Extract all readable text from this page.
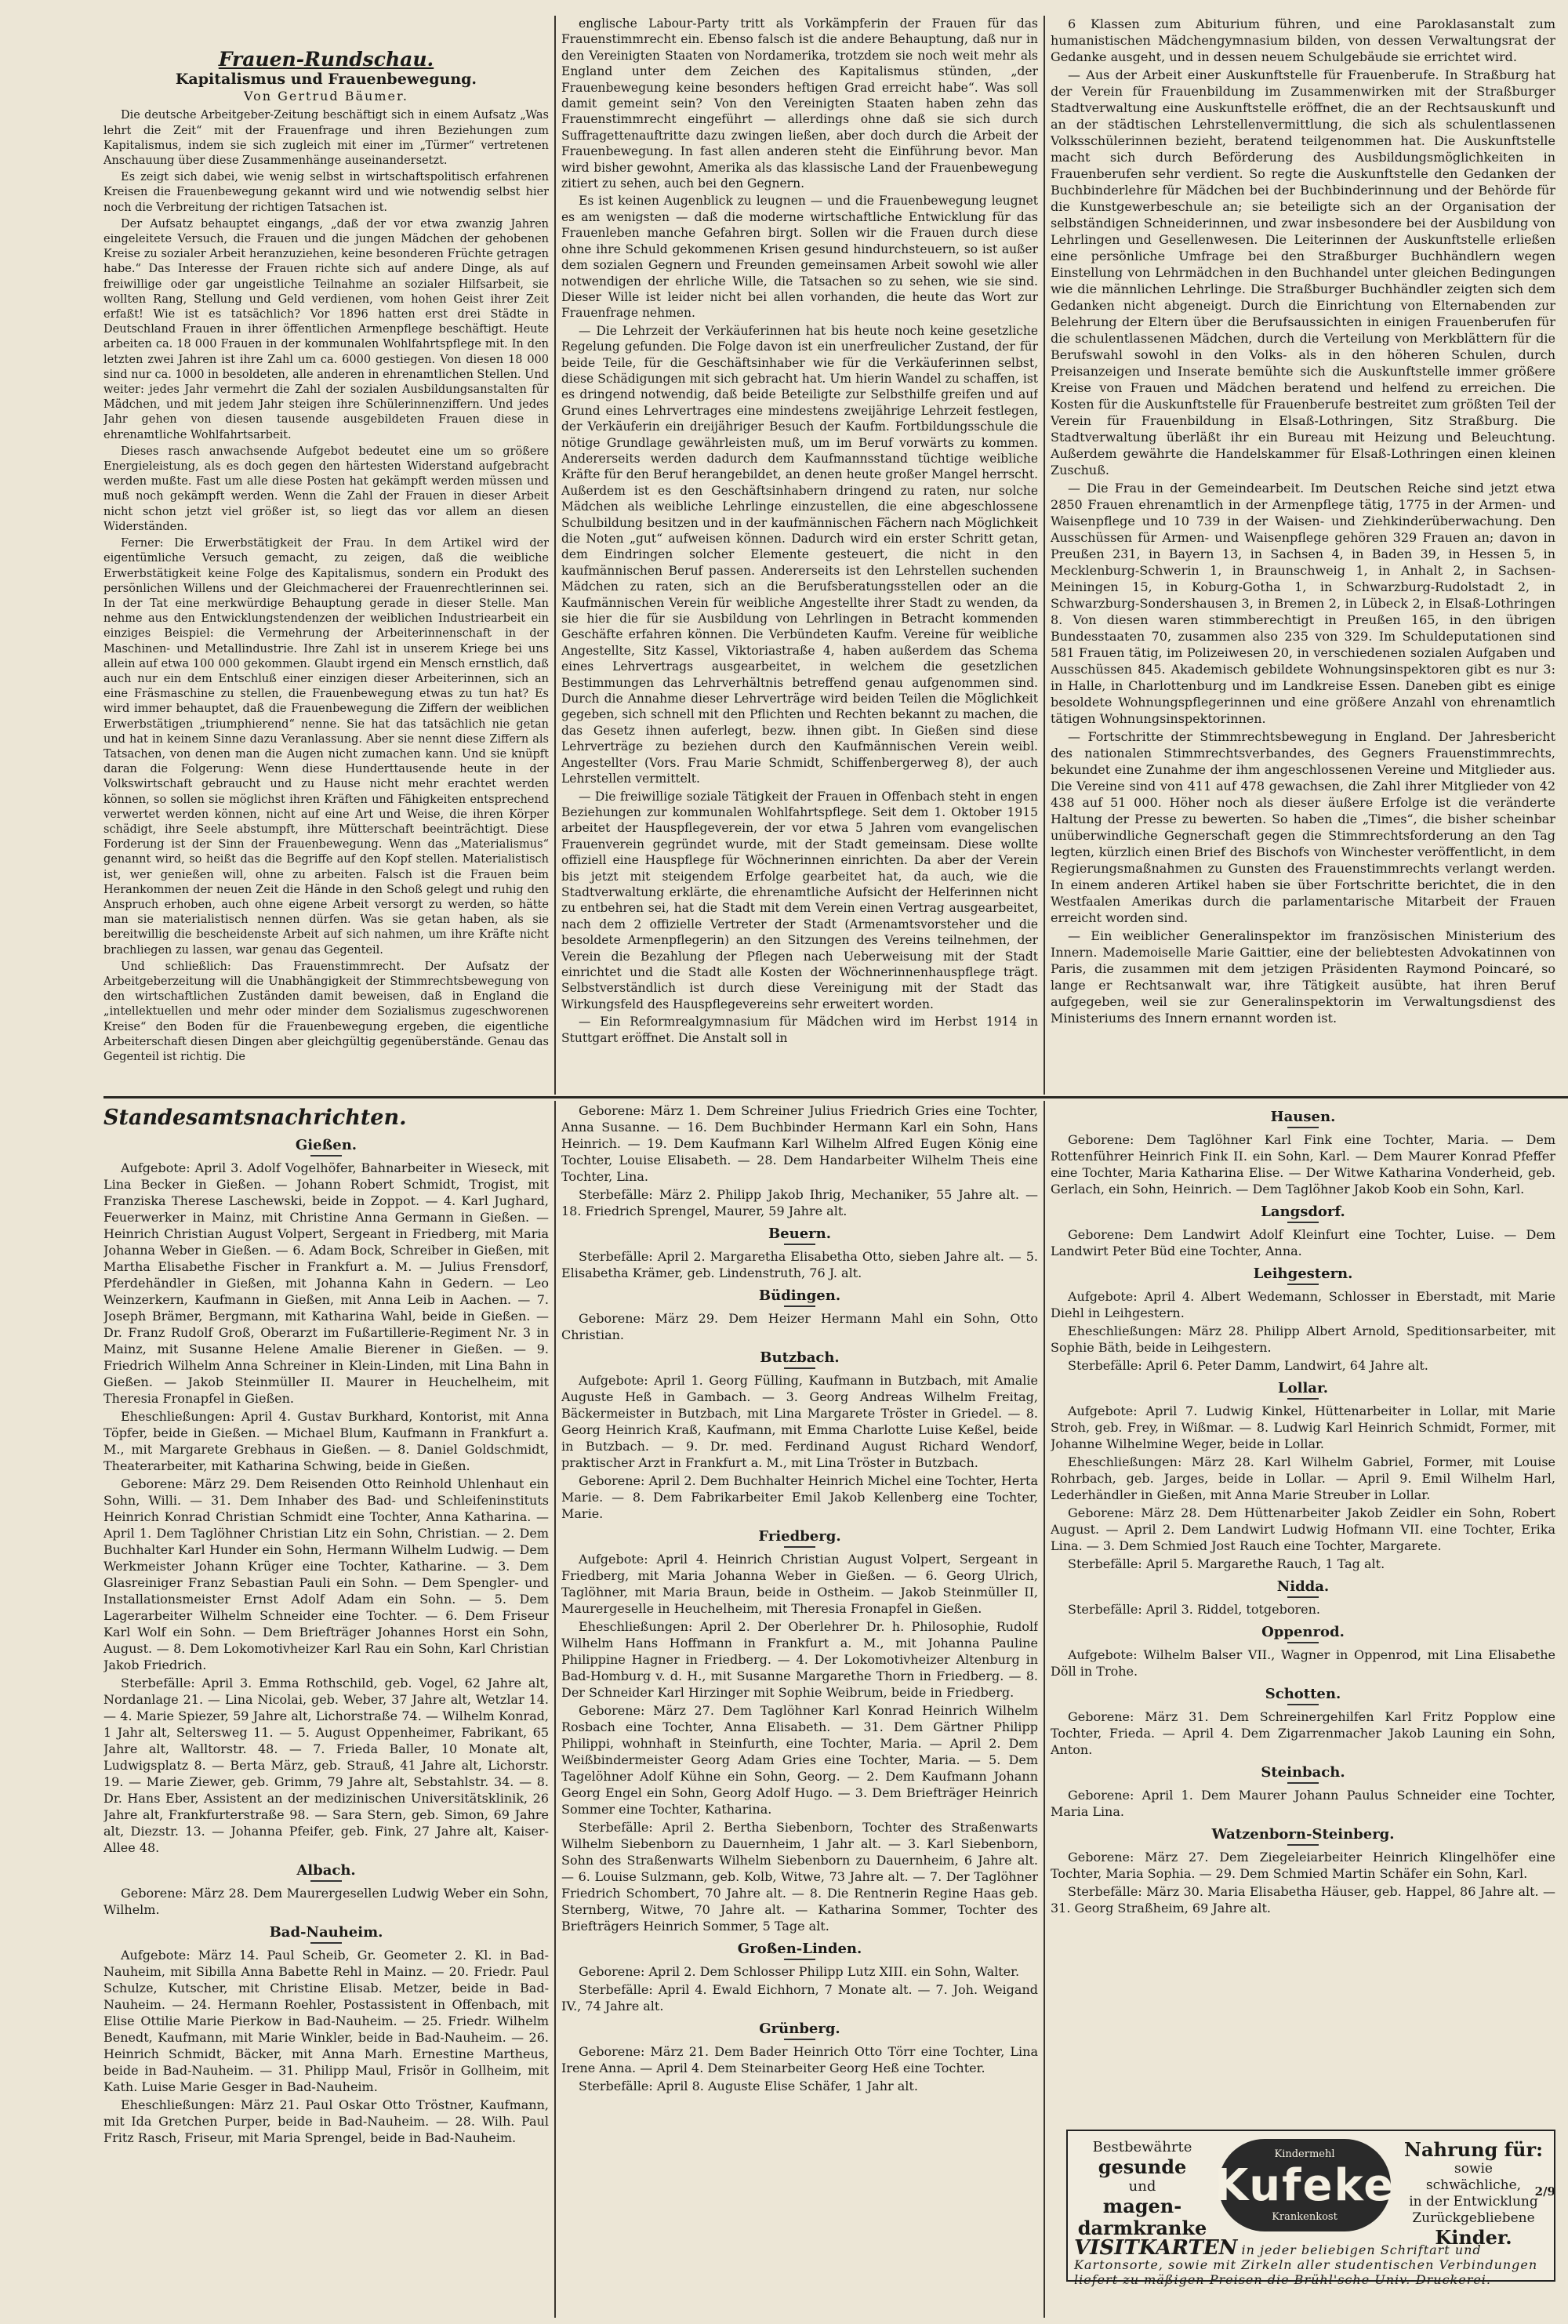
Frauen-Rundschau.
Kapitalismus und Frauenbewegung.
Von Gertrud Bäumer.

Die deutsche Arbeitgeber-Zeitung beschäftigt sich in einem Aufsatz „Was lehrt die Zeit“ mit der Frauenfrage und ihren Beziehungen zum Kapitalismus, indem sie sich zugleich mit einer im „Türmer“ vertretenen Anschauung über diese Zusammenhänge auseinandersetzt.

Es zeigt sich dabei, wie wenig selbst in wirtschaftspolitisch erfahrenen Kreisen die Frauenbewegung gekannt wird und wie notwendig selbst hier noch die Verbreitung der richtigen Tatsachen ist.

Der Aufsatz behauptet eingangs, „daß der vor etwa zwanzig Jahren eingeleitete Versuch, die Frauen und die jungen Mädchen der gehobenen Kreise zu sozialer Arbeit heranzuziehen, keine besonderen Früchte getragen habe.“ Das Interesse der Frauen richte sich auf andere Dinge, als auf freiwillige oder gar ungeistliche Teilnahme an sozialer Hilfsarbeit, sie wollten Rang, Stellung und Geld verdienen, vom hohen Geist ihrer Zeit erfaßt! Wie ist es tatsächlich? Vor 1896 hatten erst drei Städte in Deutschland Frauen in ihrer öffentlichen Armenpflege beschäftigt. Heute arbeiten ca. 18 000 Frauen in der kommunalen Wohlfahrtspflege mit. In den letzten zwei Jahren ist ihre Zahl um ca. 6000 gestiegen. Von diesen 18 000 sind nur ca. 1000 in besoldeten, alle anderen in ehrenamtlichen Stellen. Und weiter: jedes Jahr vermehrt die Zahl der sozialen Ausbildungsanstalten für Mädchen, und mit jedem Jahr steigen ihre Schülerinnenziffern. Und jedes Jahr gehen von diesen tausende ausgebildeten Frauen diese in ehrenamtliche Wohlfahrtsarbeit.

Dieses rasch anwachsende Aufgebot bedeutet eine um so größere Energieleistung, als es doch gegen den härtesten Widerstand aufgebracht werden mußte. Fast um alle diese Posten hat gekämpft werden müssen und muß noch gekämpft werden. Wenn die Zahl der Frauen in dieser Arbeit nicht schon jetzt viel größer ist, so liegt das vor allem an diesen Widerständen.

Ferner: Die Erwerbstätigkeit der Frau. In dem Artikel wird der eigentümliche Versuch gemacht, zu zeigen, daß die weibliche Erwerbstätigkeit keine Folge des Kapitalismus, sondern ein Produkt des persönlichen Willens und der Gleichmacherei der Frauenrechtlerinnen sei. In der Tat eine merkwürdige Behauptung gerade in dieser Stelle. Man nehme aus den Entwicklungstendenzen der weiblichen Industriearbeit ein einziges Beispiel: die Vermehrung der Arbeiterinnenschaft in der Maschinen- und Metallindustrie. Ihre Zahl ist in unserem Kriege bei uns allein auf etwa 100 000 gekommen. Glaubt irgend ein Mensch ernstlich, daß auch nur ein dem Entschluß einer einzigen dieser Arbeiterinnen, sich an eine Fräsmaschine zu stellen, die Frauenbewegung etwas zu tun hat? Es wird immer behauptet, daß die Frauenbewegung die Ziffern der weiblichen Erwerbstätigen „triumphierend“ nenne. Sie hat das tatsächlich nie getan und hat in keinem Sinne dazu Veranlassung. Aber sie nennt diese Ziffern als Tatsachen, von denen man die Augen nicht zumachen kann. Und sie knüpft daran die Folgerung: Wenn diese Hunderttausende heute in der Volkswirtschaft gebraucht und zu Hause nicht mehr erachtet werden können, so sollen sie möglichst ihren Kräften und Fähigkeiten entsprechend verwertet werden können, nicht auf eine Art und Weise, die ihren Körper schädigt, ihre Seele abstumpft, ihre Mütterschaft beeinträchtigt. Diese Forderung ist der Sinn der Frauenbewegung. Wenn das „Materialismus“ genannt wird, so heißt das die Begriffe auf den Kopf stellen. Materialistisch ist, wer genießen will, ohne zu arbeiten. Falsch ist die Frauen beim Herankommen der neuen Zeit die Hände in den Schoß gelegt und ruhig den Anspruch erhoben, auch ohne eigene Arbeit versorgt zu werden, so hätte man sie materialistisch nennen dürfen. Was sie getan haben, als sie bereitwillig die bescheidenste Arbeit auf sich nahmen, um ihre Kräfte nicht brachliegen zu lassen, war genau das Gegenteil.

Und schließlich: Das Frauenstimmrecht. Der Aufsatz der Arbeitgeberzeitung will die Unabhängigkeit der Stimmrechtsbewegung von den wirtschaftlichen Zuständen damit beweisen, daß in England die „intellektuellen und mehr oder minder dem Sozialismus zugeschworenen Kreise“ den Boden für die Frauenbewegung ergeben, die eigentliche Arbeiterschaft diesen Dingen aber gleichgültig gegenüberstände. Genau das Gegenteil ist richtig. Die

englische Labour-Party tritt als Vorkämpferin der Frauen für das Frauenstimmrecht ein. Ebenso falsch ist die andere Behauptung, daß nur in den Vereinigten Staaten von Nordamerika, trotzdem sie noch weit mehr als England unter dem Zeichen des Kapitalismus stünden, „der Frauenbewegung keine besonders heftigen Grad erreicht habe“. Was soll damit gemeint sein? Von den Vereinigten Staaten haben zehn das Frauenstimmrecht eingeführt — allerdings ohne daß sie sich durch Suffragettenauftritte dazu zwingen ließen, aber doch durch die Arbeit der Frauenbewegung. In fast allen anderen steht die Einführung bevor. Man wird bisher gewohnt, Amerika als das klassische Land der Frauenbewegung zitiert zu sehen, auch bei den Gegnern.

Es ist keinen Augenblick zu leugnen — und die Frauenbewegung leugnet es am wenigsten — daß die moderne wirtschaftliche Entwicklung für das Frauenleben manche Gefahren birgt. Sollen wir die Frauen durch diese ohne ihre Schuld gekommenen Krisen gesund hindurchsteuern, so ist außer dem sozialen Gegnern und Freunden gemeinsamen Arbeit sowohl wie aller notwendigen der ehrliche Wille, die Tatsachen so zu sehen, wie sie sind. Dieser Wille ist leider nicht bei allen vorhanden, die heute das Wort zur Frauenfrage nehmen.

— Die Lehrzeit der Verkäuferinnen hat bis heute noch keine gesetzliche Regelung gefunden. Die Folge davon ist ein unerfreulicher Zustand, der für beide Teile, für die Geschäftsinhaber wie für die Verkäuferinnen selbst, diese Schädigungen mit sich gebracht hat. Um hierin Wandel zu schaffen, ist es dringend notwendig, daß beide Beteiligte zur Selbsthilfe greifen und auf Grund eines Lehrvertrages eine mindestens zweijährige Lehrzeit festlegen, der Verkäuferin ein dreijähriger Besuch der Kaufm. Fortbildungsschule die nötige Grundlage gewährleisten muß, um im Beruf vorwärts zu kommen. Andererseits werden dadurch dem Kaufmannsstand tüchtige weibliche Kräfte für den Beruf herangebildet, an denen heute großer Mangel herrscht. Außerdem ist es den Geschäftsinhabern dringend zu raten, nur solche Mädchen als weibliche Lehrlinge einzustellen, die eine abgeschlossene Schulbildung besitzen und in der kaufmännischen Fächern nach Möglichkeit die Noten „gut“ aufweisen können. Dadurch wird ein erster Schritt getan, dem Eindringen solcher Elemente gesteuert, die nicht in den kaufmännischen Beruf passen. Andererseits ist den Lehrstellen suchenden Mädchen zu raten, sich an die Berufsberatungsstellen oder an die Kaufmännischen Verein für weibliche Angestellte ihrer Stadt zu wenden, da sie hier die für sie Ausbildung von Lehrlingen in Betracht kommenden Geschäfte erfahren können. Die Verbündeten Kaufm. Vereine für weibliche Angestellte, Sitz Kassel, Viktoriastraße 4, haben außerdem das Schema eines Lehrvertrags ausgearbeitet, in welchem die gesetzlichen Bestimmungen das Lehrverhältnis betreffend genau aufgenommen sind. Durch die Annahme dieser Lehrverträge wird beiden Teilen die Möglichkeit gegeben, sich schnell mit den Pflichten und Rechten bekannt zu machen, die das Gesetz ihnen auferlegt, bezw. ihnen gibt. In Gießen sind diese Lehrverträge zu beziehen durch den Kaufmännischen Verein weibl. Angestellter (Vors. Frau Marie Schmidt, Schiffenbergerweg 8), der auch Lehrstellen vermittelt.

— Die freiwillige soziale Tätigkeit der Frauen in Offenbach steht in engen Beziehungen zur kommunalen Wohlfahrtspflege. Seit dem 1. Oktober 1915 arbeitet der Hauspflegeverein, der vor etwa 5 Jahren vom evangelischen Frauenverein gegründet wurde, mit der Stadt gemeinsam. Diese wollte offiziell eine Hauspflege für Wöchnerinnen einrichten. Da aber der Verein bis jetzt mit steigendem Erfolge gearbeitet hat, da auch, wie die Stadtverwaltung erklärte, die ehrenamtliche Aufsicht der Helferinnen nicht zu entbehren sei, hat die Stadt mit dem Verein einen Vertrag ausgearbeitet, nach dem 2 offizielle Vertreter der Stadt (Armenamtsvorsteher und die besoldete Armenpflegerin) an den Sitzungen des Vereins teilnehmen, der Verein die Bezahlung der Pflegen nach Ueberweisung mit der Stadt einrichtet und die Stadt alle Kosten der Wöchnerinnenhauspflege trägt. Selbstverständlich ist durch diese Vereinigung mit der Stadt das Wirkungsfeld des Hauspflegevereins sehr erweitert worden.

— Ein Reformrealgymnasium für Mädchen wird im Herbst 1914 in Stuttgart eröffnet. Die Anstalt soll in

6 Klassen zum Abiturium führen, und eine Paroklasanstalt zum humanistischen Mädchengymnasium bilden, von dessen Verwaltungsrat der Gedanke ausgeht, und in dessen neuem Schulgebäude sie errichtet wird.

— Aus der Arbeit einer Auskunftstelle für Frauenberufe. In Straßburg hat der Verein für Frauenbildung im Zusammenwirken mit der Straßburger Stadtverwaltung eine Auskunftstelle eröffnet, die an der Rechtsauskunft und an der städtischen Lehrstellenvermittlung, die sich als schulentlassenen Volksschülerinnen bezieht, beratend teilgenommen hat. Die Auskunftstelle macht sich durch Beförderung des Ausbildungsmöglichkeiten in Frauenberufen sehr verdient. So regte die Auskunftstelle den Gedanken der Buchbinderlehre für Mädchen bei der Buchbinderinnung und der Behörde für die Kunstgewerbeschule an; sie beteiligte sich an der Organisation der selbständigen Schneiderinnen, und zwar insbesondere bei der Ausbildung von Lehrlingen und Gesellenwesen. Die Leiterinnen der Auskunftstelle erließen eine persönliche Umfrage bei den Straßburger Buchhändlern wegen Einstellung von Lehrmädchen in den Buchhandel unter gleichen Bedingungen wie die männlichen Lehrlinge. Die Straßburger Buchhändler zeigten sich dem Gedanken nicht abgeneigt. Durch die Einrichtung von Elternabenden zur Belehrung der Eltern über die Berufsaussichten in einigen Frauenberufen für die schulentlassenen Mädchen, durch die Verteilung von Merkblättern für die Berufswahl sowohl in den Volks- als in den höheren Schulen, durch Preisanzeigen und Inserate bemühte sich die Auskunftstelle immer größere Kreise von Frauen und Mädchen beratend und helfend zu erreichen. Die Kosten für die Auskunftstelle für Frauenberufe bestreitet zum größten Teil der Verein für Frauenbildung in Elsaß-Lothringen, Sitz Straßburg. Die Stadtverwaltung überläßt ihr ein Bureau mit Heizung und Beleuchtung. Außerdem gewährte die Handelskammer für Elsaß-Lothringen einen kleinen Zuschuß.

— Die Frau in der Gemeindearbeit. Im Deutschen Reiche sind jetzt etwa 2850 Frauen ehrenamtlich in der Armenpflege tätig, 1775 in der Armen- und Waisenpflege und 10 739 in der Waisen- und Ziehkinderüberwachung. Den Ausschüssen für Armen- und Waisenpflege gehören 329 Frauen an; davon in Preußen 231, in Bayern 13, in Sachsen 4, in Baden 39, in Hessen 5, in Mecklenburg-Schwerin 1, in Braunschweig 1, in Anhalt 2, in Sachsen-Meiningen 15, in Koburg-Gotha 1, in Schwarzburg-Rudolstadt 2, in Schwarzburg-Sondershausen 3, in Bremen 2, in Lübeck 2, in Elsaß-Lothringen 8. Von diesen waren stimmberechtigt in Preußen 165, in den übrigen Bundesstaaten 70, zusammen also 235 von 329. Im Schuldeputationen sind 581 Frauen tätig, im Polizeiwesen 20, in verschiedenen sozialen Aufgaben und Ausschüssen 845. Akademisch gebildete Wohnungsinspektoren gibt es nur 3: in Halle, in Charlottenburg und im Landkreise Essen. Daneben gibt es einige besoldete Wohnungspflegerinnen und eine größere Anzahl von ehrenamtlich tätigen Wohnungsinspektorinnen.

— Fortschritte der Stimmrechtsbewegung in England. Der Jahresbericht des nationalen Stimmrechtsverbandes, des Gegners Frauenstimmrechts, bekundet eine Zunahme der ihm angeschlossenen Vereine und Mitglieder aus. Die Vereine sind von 411 auf 478 gewachsen, die Zahl ihrer Mitglieder von 42 438 auf 51 000. Höher noch als dieser äußere Erfolge ist die veränderte Haltung der Presse zu bewerten. So haben die „Times“, die bisher scheinbar unüberwindliche Gegnerschaft gegen die Stimmrechtsforderung an den Tag legten, kürzlich einen Brief des Bischofs von Winchester veröffentlicht, in dem Regierungsmaßnahmen zu Gunsten des Frauenstimmrechts verlangt werden. In einem anderen Artikel haben sie über Fortschritte berichtet, die in den Westfaalen Amerikas durch die parlamentarische Mitarbeit der Frauen erreicht worden sind.

— Ein weiblicher Generalinspektor im französischen Ministerium des Innern. Mademoiselle Marie Gaittier, eine der beliebtesten Advokatinnen von Paris, die zusammen mit dem jetzigen Präsidenten Raymond Poincaré, so lange er Rechtsanwalt war, ihre Tätigkeit ausübte, hat ihren Beruf aufgegeben, weil sie zur Generalinspektorin im Verwaltungsdienst des Ministeriums des Innern ernannt worden ist.

Standesamtsnachrichten.
Gießen.

Aufgebote: April 3. Adolf Vogelhöfer, Bahnarbeiter in Wieseck, mit Lina Becker in Gießen. — Johann Robert Schmidt, Trogist, mit Franziska Therese Laschewski, beide in Zoppot. — 4. Karl Jughard, Feuerwerker in Mainz, mit Christine Anna Germann in Gießen. — Heinrich Christian August Volpert, Sergeant in Friedberg, mit Maria Johanna Weber in Gießen. — 6. Adam Bock, Schreiber in Gießen, mit Martha Elisabethe Fischer in Frankfurt a. M. — Julius Frensdorf, Pferdehändler in Gießen, mit Johanna Kahn in Gedern. — Leo Weinzerkern, Kaufmann in Gießen, mit Anna Leib in Aachen. — 7. Joseph Brämer, Bergmann, mit Katharina Wahl, beide in Gießen. — Dr. Franz Rudolf Groß, Oberarzt im Fußartillerie-Regiment Nr. 3 in Mainz, mit Susanne Helene Amalie Bierener in Gießen. — 9. Friedrich Wilhelm Anna Schreiner in Klein-Linden, mit Lina Bahn in Gießen. — Jakob Steinmüller II. Maurer in Heuchelheim, mit Theresia Fronapfel in Gießen.

Eheschließungen: April 4. Gustav Burkhard, Kontorist, mit Anna Töpfer, beide in Gießen. — Michael Blum, Kaufmann in Frankfurt a. M., mit Margarete Grebhaus in Gießen. — 8. Daniel Goldschmidt, Theaterarbeiter, mit Katharina Schwing, beide in Gießen.

Geborene: März 29. Dem Reisenden Otto Reinhold Uhlenhaut ein Sohn, Willi. — 31. Dem Inhaber des Bad- und Schleifeninstituts Heinrich Konrad Christian Schmidt eine Tochter, Anna Katharina. — April 1. Dem Taglöhner Christian Litz ein Sohn, Christian. — 2. Dem Buchhalter Karl Hunder ein Sohn, Hermann Wilhelm Ludwig. — Dem Werkmeister Johann Krüger eine Tochter, Katharine. — 3. Dem Glasreiniger Franz Sebastian Pauli ein Sohn. — Dem Spengler- und Installationsmeister Ernst Adolf Adam ein Sohn. — 5. Dem Lagerarbeiter Wilhelm Schneider eine Tochter. — 6. Dem Friseur Karl Wolf ein Sohn. — Dem Briefträger Johannes Horst ein Sohn, August. — 8. Dem Lokomotivheizer Karl Rau ein Sohn, Karl Christian Jakob Friedrich.

Sterbefälle: April 3. Emma Rothschild, geb. Vogel, 62 Jahre alt, Nordanlage 21. — Lina Nicolai, geb. Weber, 37 Jahre alt, Wetzlar 14. — 4. Marie Spiezer, 59 Jahre alt, Lichorstraße 74. — Wilhelm Konrad, 1 Jahr alt, Seltersweg 11. — 5. August Oppenheimer, Fabrikant, 65 Jahre alt, Walltorstr. 48. — 7. Frieda Baller, 10 Monate alt, Ludwigsplatz 8. — Berta März, geb. Strauß, 41 Jahre alt, Lichorstr. 19. — Marie Ziewer, geb. Grimm, 79 Jahre alt, Sebstahlstr. 34. — 8. Dr. Hans Eber, Assistent an der medizinischen Universitätsklinik, 26 Jahre alt, Frankfurterstraße 98. — Sara Stern, geb. Simon, 69 Jahre alt, Diezstr. 13. — Johanna Pfeifer, geb. Fink, 27 Jahre alt, Kaiser-Allee 48.

Albach.

Geborene: März 28. Dem Maurergesellen Ludwig Weber ein Sohn, Wilhelm.

Bad-Nauheim.

Aufgebote: März 14. Paul Scheib, Gr. Geometer 2. Kl. in Bad-Nauheim, mit Sibilla Anna Babette Rehl in Mainz. — 20. Friedr. Paul Schulze, Kutscher, mit Christine Elisab. Metzer, beide in Bad-Nauheim. — 24. Hermann Roehler, Postassistent in Offenbach, mit Elise Ottilie Marie Pierkow in Bad-Nauheim. — 25. Friedr. Wilhelm Benedt, Kaufmann, mit Marie Winkler, beide in Bad-Nauheim. — 26. Heinrich Schmidt, Bäcker, mit Anna Marh. Ernestine Martheus, beide in Bad-Nauheim. — 31. Philipp Maul, Frisör in Gollheim, mit Kath. Luise Marie Gesger in Bad-Nauheim.

Eheschließungen: März 21. Paul Oskar Otto Tröstner, Kaufmann, mit Ida Gretchen Purper, beide in Bad-Nauheim. — 28. Wilh. Paul Fritz Rasch, Friseur, mit Maria Sprengel, beide in Bad-Nauheim.

Geborene: März 1. Dem Schreiner Julius Friedrich Gries eine Tochter, Anna Susanne. — 16. Dem Buchbinder Hermann Karl ein Sohn, Hans Heinrich. — 19. Dem Kaufmann Karl Wilhelm Alfred Eugen König eine Tochter, Louise Elisabeth. — 28. Dem Handarbeiter Wilhelm Theis eine Tochter, Lina.

Sterbefälle: März 2. Philipp Jakob Ihrig, Mechaniker, 55 Jahre alt. — 18. Friedrich Sprengel, Maurer, 59 Jahre alt.

Beuern.

Sterbefälle: April 2. Margaretha Elisabetha Otto, sieben Jahre alt. — 5. Elisabetha Krämer, geb. Lindenstruth, 76 J. alt.

Büdingen.

Geborene: März 29. Dem Heizer Hermann Mahl ein Sohn, Otto Christian.

Butzbach.

Aufgebote: April 1. Georg Fülling, Kaufmann in Butzbach, mit Amalie Auguste Heß in Gambach. — 3. Georg Andreas Wilhelm Freitag, Bäckermeister in Butzbach, mit Lina Margarete Tröster in Griedel. — 8. Georg Heinrich Kraß, Kaufmann, mit Emma Charlotte Luise Keßel, beide in Butzbach. — 9. Dr. med. Ferdinand August Richard Wendorf, praktischer Arzt in Frankfurt a. M., mit Lina Tröster in Butzbach.

Geborene: April 2. Dem Buchhalter Heinrich Michel eine Tochter, Herta Marie. — 8. Dem Fabrikarbeiter Emil Jakob Kellenberg eine Tochter, Marie.

Friedberg.

Aufgebote: April 4. Heinrich Christian August Volpert, Sergeant in Friedberg, mit Maria Johanna Weber in Gießen. — 6. Georg Ulrich, Taglöhner, mit Maria Braun, beide in Ostheim. — Jakob Steinmüller II, Maurergeselle in Heuchelheim, mit Theresia Fronapfel in Gießen.

Eheschließungen: April 2. Der Oberlehrer Dr. h. Philosophie, Rudolf Wilhelm Hans Hoffmann in Frankfurt a. M., mit Johanna Pauline Philippine Hagner in Friedberg. — 4. Der Lokomotivheizer Altenburg in Bad-Homburg v. d. H., mit Susanne Margarethe Thorn in Friedberg. — 8. Der Schneider Karl Hirzinger mit Sophie Weibrum, beide in Friedberg.

Geborene: März 27. Dem Taglöhner Karl Konrad Heinrich Wilhelm Rosbach eine Tochter, Anna Elisabeth. — 31. Dem Gärtner Philipp Philippi, wohnhaft in Steinfurth, eine Tochter, Maria. — April 2. Dem Weißbindermeister Georg Adam Gries eine Tochter, Maria. — 5. Dem Tagelöhner Adolf Kühne ein Sohn, Georg. — 2. Dem Kaufmann Johann Georg Engel ein Sohn, Georg Adolf Hugo. — 3. Dem Briefträger Heinrich Sommer eine Tochter, Katharina.

Sterbefälle: April 2. Bertha Siebenborn, Tochter des Straßenwarts Wilhelm Siebenborn zu Dauernheim, 1 Jahr alt. — 3. Karl Siebenborn, Sohn des Straßenwarts Wilhelm Siebenborn zu Dauernheim, 6 Jahre alt. — 6. Louise Sulzmann, geb. Kolb, Witwe, 73 Jahre alt. — 7. Der Taglöhner Friedrich Schombert, 70 Jahre alt. — 8. Die Rentnerin Regine Haas geb. Sternberg, Witwe, 70 Jahre alt. — Katharina Sommer, Tochter des Briefträgers Heinrich Sommer, 5 Tage alt.

Großen-Linden.

Geborene: April 2. Dem Schlosser Philipp Lutz XIII. ein Sohn, Walter.

Sterbefälle: April 4. Ewald Eichhorn, 7 Monate alt. — 7. Joh. Weigand IV., 74 Jahre alt.

Grünberg.

Geborene: März 21. Dem Bader Heinrich Otto Törr eine Tochter, Lina Irene Anna. — April 4. Dem Steinarbeiter Georg Heß eine Tochter.

Sterbefälle: April 8. Auguste Elise Schäfer, 1 Jahr alt.

Hausen.

Geborene: Dem Taglöhner Karl Fink eine Tochter, Maria. — Dem Rottenführer Heinrich Fink II. ein Sohn, Karl. — Dem Maurer Konrad Pfeffer eine Tochter, Maria Katharina Elise. — Der Witwe Katharina Vonderheid, geb. Gerlach, ein Sohn, Heinrich. — Dem Taglöhner Jakob Koob ein Sohn, Karl.

Langsdorf.

Geborene: Dem Landwirt Adolf Kleinfurt eine Tochter, Luise. — Dem Landwirt Peter Büd eine Tochter, Anna.

Leihgestern.

Aufgebote: April 4. Albert Wedemann, Schlosser in Eberstadt, mit Marie Diehl in Leihgestern.

Eheschließungen: März 28. Philipp Albert Arnold, Speditionsarbeiter, mit Sophie Bäth, beide in Leihgestern.

Sterbefälle: April 6. Peter Damm, Landwirt, 64 Jahre alt.

Lollar.

Aufgebote: April 7. Ludwig Kinkel, Hüttenarbeiter in Lollar, mit Marie Stroh, geb. Frey, in Wißmar. — 8. Ludwig Karl Heinrich Schmidt, Former, mit Johanne Wilhelmine Weger, beide in Lollar.

Eheschließungen: März 28. Karl Wilhelm Gabriel, Former, mit Louise Rohrbach, geb. Jarges, beide in Lollar. — April 9. Emil Wilhelm Harl, Lederhändler in Gießen, mit Anna Marie Streuber in Lollar.

Geborene: März 28. Dem Hüttenarbeiter Jakob Zeidler ein Sohn, Robert August. — April 2. Dem Landwirt Ludwig Hofmann VII. eine Tochter, Erika Lina. — 3. Dem Schmied Jost Rauch eine Tochter, Margarete.

Sterbefälle: April 5. Margarethe Rauch, 1 Tag alt.

Nidda.

Sterbefälle: April 3. Riddel, totgeboren.

Oppenrod.

Aufgebote: Wilhelm Balser VII., Wagner in Oppenrod, mit Lina Elisabethe Döll in Trohe.

Schotten.

Geborene: März 31. Dem Schreinergehilfen Karl Fritz Popplow eine Tochter, Frieda. — April 4. Dem Zigarrenmacher Jakob Launing ein Sohn, Anton.

Steinbach.

Geborene: April 1. Dem Maurer Johann Paulus Schneider eine Tochter, Maria Lina.

Watzenborn-Steinberg.

Geborene: März 27. Dem Ziegeleiarbeiter Heinrich Klingelhöfer eine Tochter, Maria Sophia. — 29. Dem Schmied Martin Schäfer ein Sohn, Karl.

Sterbefälle: März 30. Maria Elisabetha Häuser, geb. Happel, 86 Jahre alt. — 31. Georg Straßheim, 69 Jahre alt.

Bestbewährte
gesunde
und
magen-
darmkranke
Kindermehl
Kufeke
Krankenkost
Nahrung für:
sowie
schwächliche,
in der Entwicklung
Zurückgebliebene
Kinder.
2/9
VISITKARTEN in jeder beliebigen Schriftart und Kartonsorte, sowie mit Zirkeln aller studentischen Verbindungen liefert zu mäßigen Preisen die Brühl'sche Univ.-Druckerei.
